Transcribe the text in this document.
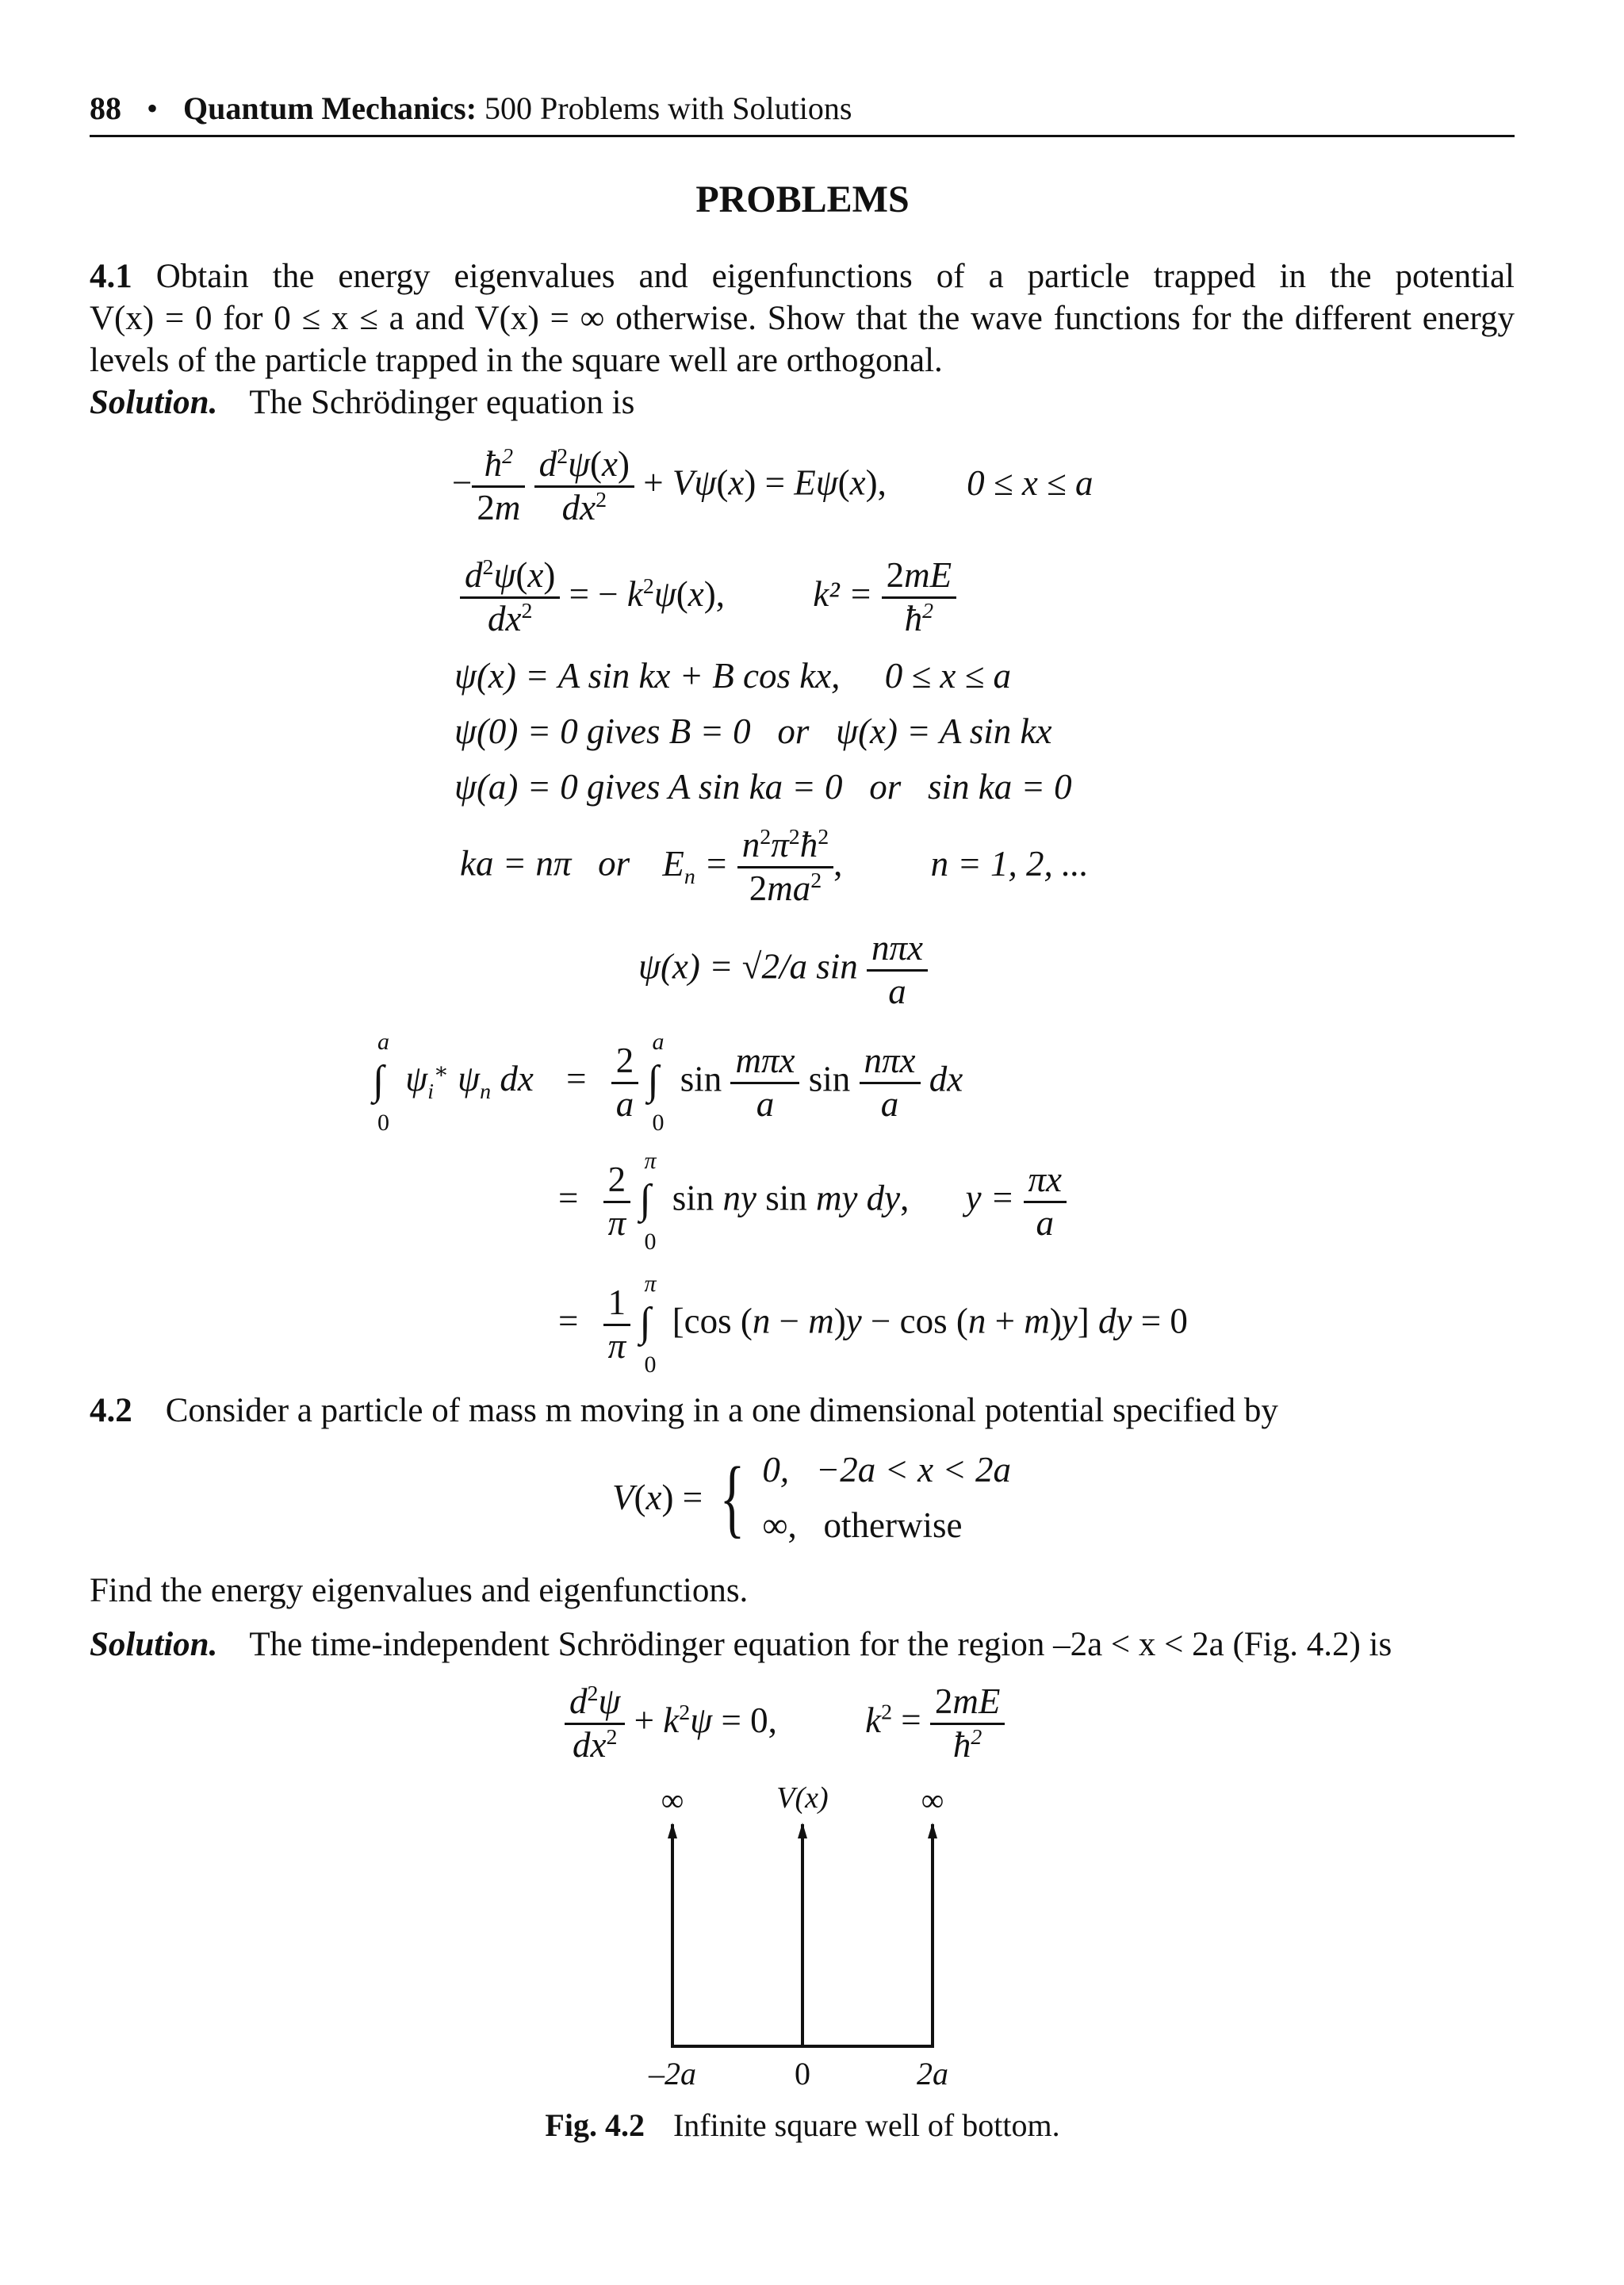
88 • Quantum Mechanics: 500 Problems with Solutions
PROBLEMS
4.1 Obtain the energy eigenvalues and eigenfunctions of a particle trapped in the potential
V(x) = 0 for 0 ≤ x ≤ a and V(x) = ∞ otherwise. Show that the wave functions for the different energy
levels of the particle trapped in the square well are orthogonal.
Solution. The Schrödinger equation is
− $\frac{ħ^2}{2m}$
$\frac{d^2\psi(x)}{dx^2} + V\psi(x) = E\psi(x)$, 0 ≤ x ≤ a
$\frac{d^2\psi(x)}{dx^2}$ = − $k^2\psi(x)$, $k^2 = \frac{2mE}{ħ^2}$
ψ(x) = A sin kx + B cos kx, 0 ≤ x ≤ a
ψ(0) = 0 gives B = 0   or   ψ(x) = A sin kx
ψ(a) = 0 gives A sin ka = 0   or   sin ka = 0
ka = nπ   or $E_n = \frac{n^2\pi^2ħ^2}{2ma^2}$ , n = 1, 2, ...
ψ(x) = √2/a $\sin \frac{\text{nπx}}{a}$
a
∫
0
$\psi_i^∗$ $\psi_n$ dx = $\frac{2}{a}$
a
∫
0
$\sin \frac{\text{mπx}}{a}$ $\sin \frac{\text{nπx}}{a}$ dx
= $\frac{2}{\pi}$
π
∫
0
sin ny sin my dy, $y = \frac{\pi x}{a}$
= $\frac{1}{\pi}$
π
∫
0
[cos (n − m)y − cos (n + m)y] dy = 0
4.2 Consider a particle of mass m moving in a one dimensional potential specified by
V(x) = { 0,   −2a < x < 2a
∞,   otherwise
Find the energy eigenvalues and eigenfunctions.
Solution. The time-independent Schrödinger equation for the region –2a < x < 2a (Fig. 4.2) is
$\frac{d^2\psi}{dx^2} + k^2\psi = 0$, $k^2 = \frac{2mE}{ħ^2}$
∞	V(x)	∞
–2a	0	2a
Fig. 4.2 Infinite square well of bottom.
